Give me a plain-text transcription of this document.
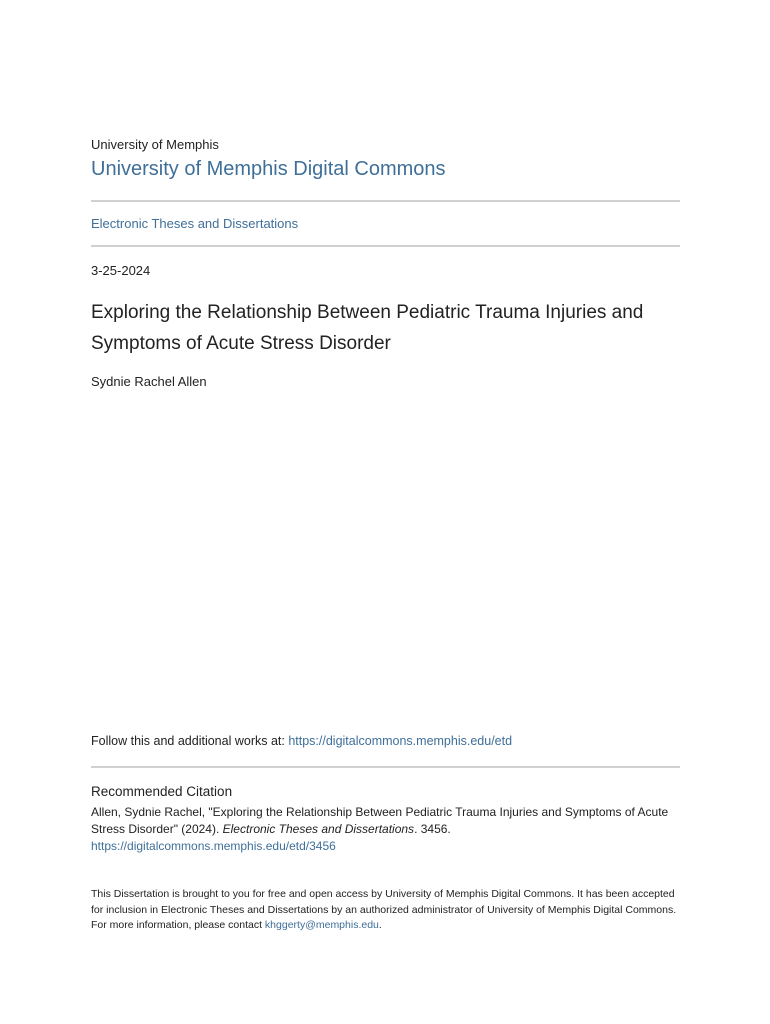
University of Memphis
University of Memphis Digital Commons
Electronic Theses and Dissertations
3-25-2024
Exploring the Relationship Between Pediatric Trauma Injuries and Symptoms of Acute Stress Disorder
Sydnie Rachel Allen
Follow this and additional works at: https://digitalcommons.memphis.edu/etd
Recommended Citation
Allen, Sydnie Rachel, "Exploring the Relationship Between Pediatric Trauma Injuries and Symptoms of Acute Stress Disorder" (2024). Electronic Theses and Dissertations. 3456.
https://digitalcommons.memphis.edu/etd/3456
This Dissertation is brought to you for free and open access by University of Memphis Digital Commons. It has been accepted for inclusion in Electronic Theses and Dissertations by an authorized administrator of University of Memphis Digital Commons. For more information, please contact khggerty@memphis.edu.
